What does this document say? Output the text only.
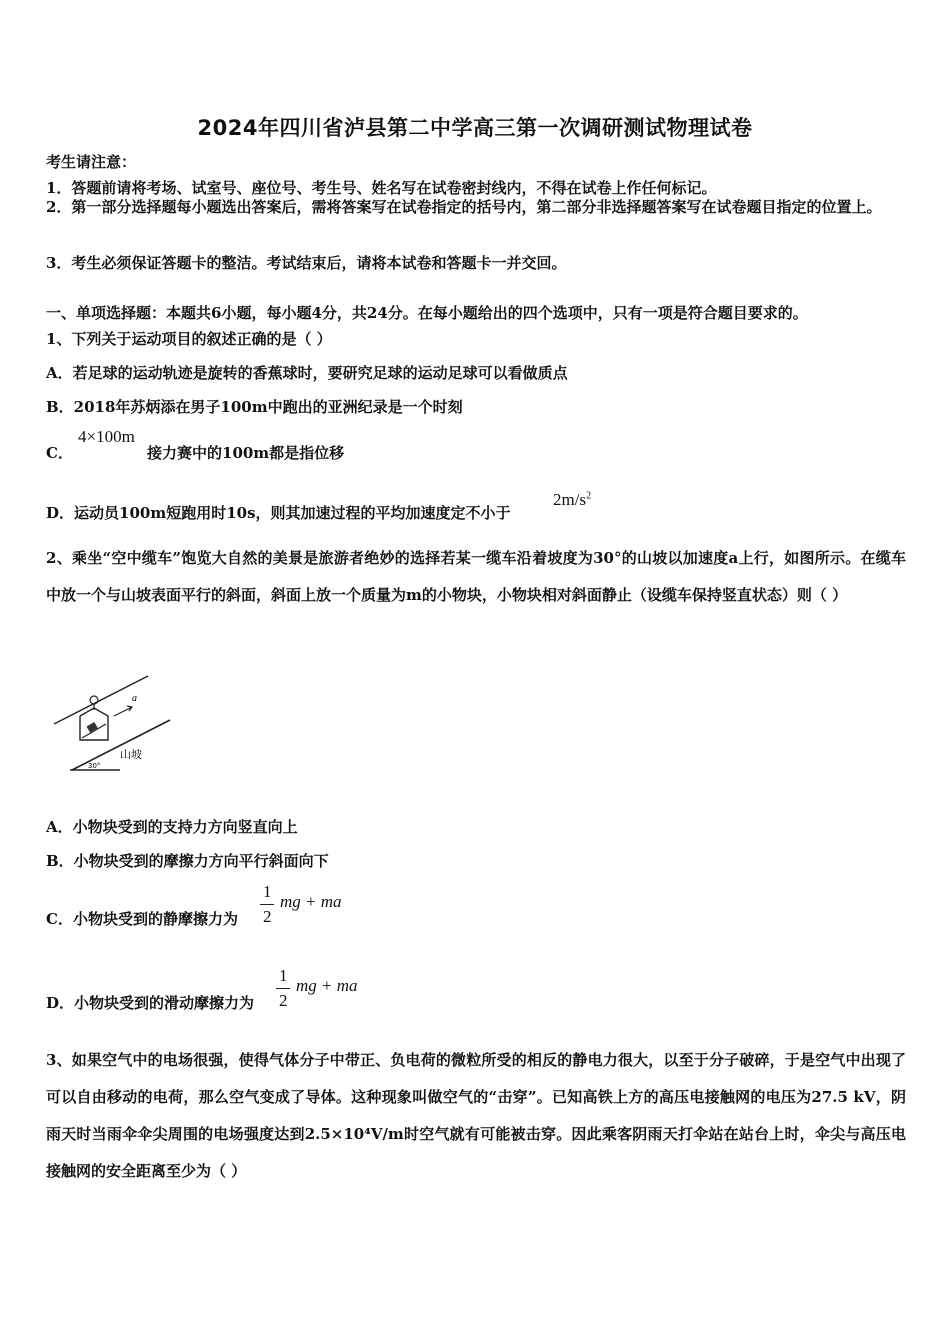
2024年四川省泸县第二中学高三第一次调研测试物理试卷
考生请注意：
1．答题前请将考场、试室号、座位号、考生号、姓名写在试卷密封线内，不得在试卷上作任何标记。
2．第一部分选择题每小题选出答案后，需将答案写在试卷指定的括号内，第二部分非选择题答案写在试卷题目指定的位置上。
3．考生必须保证答题卡的整洁。考试结束后，请将本试卷和答题卡一并交回。
一、单项选择题：本题共6小题，每小题4分，共24分。在每小题给出的四个选项中，只有一项是符合题目要求的。
1、下列关于运动项目的叙述正确的是（ ）
A．若足球的运动轨迹是旋转的香蕉球时，要研究足球的运动足球可以看做质点
B．2018年苏炳添在男子100m中跑出的亚洲纪录是一个时刻
C．
4×100m
接力赛中的100m都是指位移
D．运动员100m短跑用时10s，则其加速过程的平均加速度定不小于
$2m/s^2$
2、乘坐“空中缆车”饱览大自然的美景是旅游者绝妙的选择若某一缆车沿着坡度为30°的山坡以加速度a上行，如图所示。在缆车中放一个与山坡表面平行的斜面，斜面上放一个质量为m的小物块，小物块相对斜面静止（设缆车保持竖直状态）则（ ）
a
山坡
30°
A．小物块受到的支持力方向竖直向上
B．小物块受到的摩擦力方向平行斜面向下
C．小物块受到的静摩擦力为
1
2
mg + ma
D．小物块受到的滑动摩擦力为
1
2
mg + ma
3、如果空气中的电场很强，使得气体分子中带正、负电荷的微粒所受的相反的静电力很大，以至于分子破碎，于是空气中出现了可以自由移动的电荷，那么空气变成了导体。这种现象叫做空气的“击穿”。已知高铁上方的高压电接触网的电压为27.5 kV，阴雨天时当雨伞伞尖周围的电场强度达到2.5×10⁴V/m时空气就有可能被击穿。因此乘客阴雨天打伞站在站台上时，伞尖与高压电接触网的安全距离至少为（ ）
